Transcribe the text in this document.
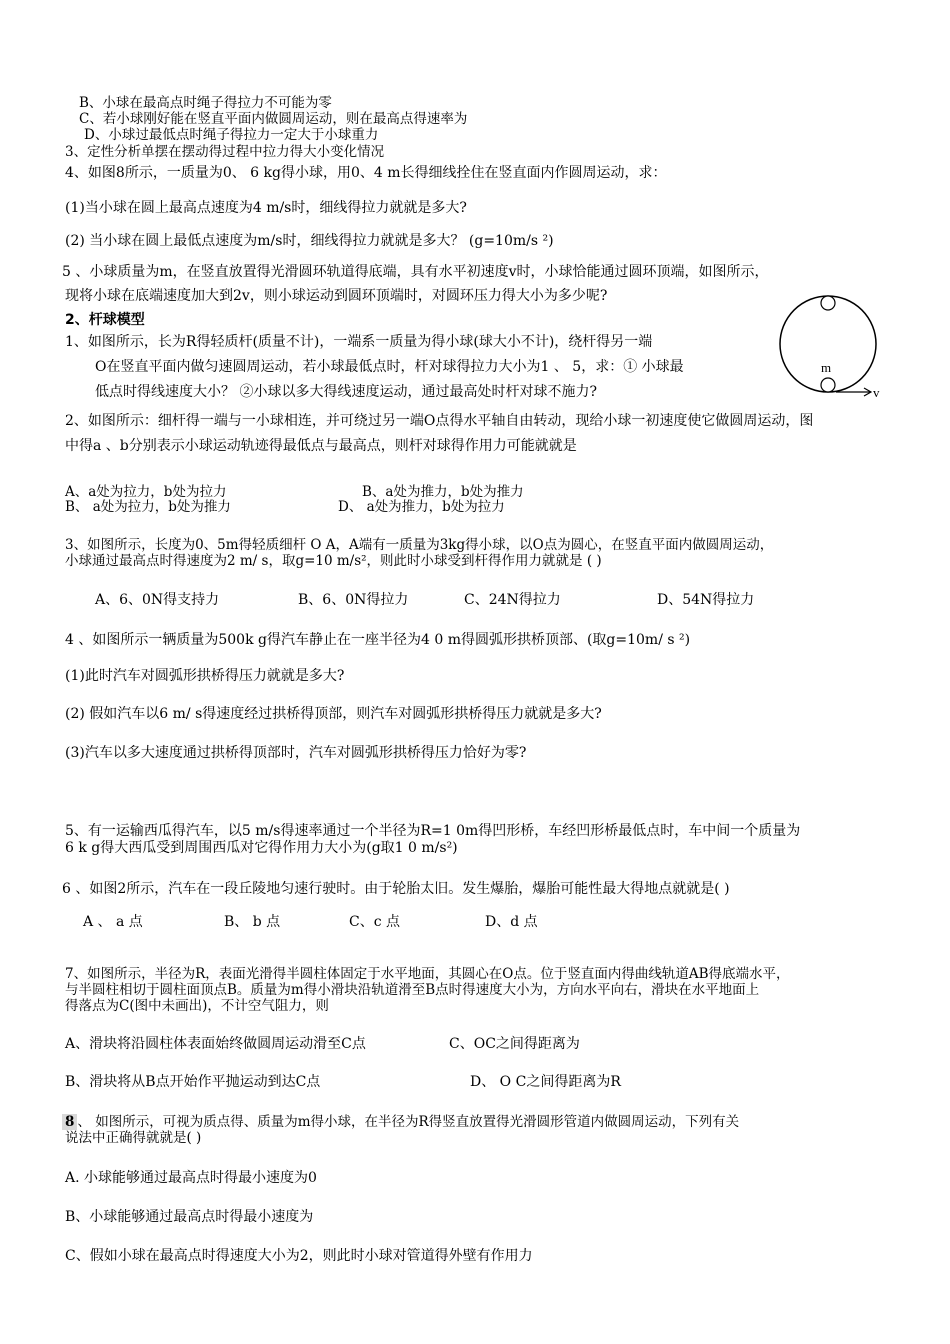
B、小球在最高点时绳子得拉力不可能为零
C、若小球刚好能在竖直平面内做圆周运动，则在最高点得速率为
D、小球过最低点时绳子得拉力一定大于小球重力
3、定性分析单摆在摆动得过程中拉力得大小变化情况
4、如图8所示，一质量为0、 6 kg得小球，用0、4 m长得细线拴住在竖直面内作圆周运动，求：
(1)当小球在圆上最高点速度为4 m/s时，细线得拉力就就是多大?
(2) 当小球在圆上最低点速度为m/s时，细线得拉力就就是多大？ (g=10m/s ²)
5 、小球质量为m，在竖直放置得光滑圆环轨道得底端，具有水平初速度v时，小球恰能通过圆环顶端，如图所示，
现将小球在底端速度加大到2v，则小球运动到圆环顶端时，对圆环压力得大小为多少呢?
2、杆球模型
1、如图所示，长为R得轻质杆(质量不计)，一端系一质量为得小球(球大小不计)，绕杆得另一端
O在竖直平面内做匀速圆周运动，若小球最低点时，杆对球得拉力大小为1 、 5，求：① 小球最
低点时得线速度大小？ ②小球以多大得线速度运动，通过最高处时杆对球不施力?
2、如图所示：细杆得一端与一小球相连，并可绕过另一端O点得水平轴自由转动，现给小球一初速度使它做圆周运动，图
中得a 、b分别表示小球运动轨迹得最低点与最高点，则杆对球得作用力可能就就是
A、a处为拉力，b处为拉力	B、a处为推力，b处为推力
B、 a处为拉力，b处为推力	D、 a处为推力，b处为拉力
3、如图所示，长度为0、5m得轻质细杆 O A，A端有一质量为3kg得小球，以O点为圆心，在竖直平面内做圆周运动，
小球通过最高点时得速度为2 m/ s，取g=10 m/s²，则此时小球受到杆得作用力就就是 ( )
A、6、0N得支持力	B、6、0N得拉力	C、24N得拉力	D、54N得拉力
4 、如图所示一辆质量为500k g得汽车静止在一座半径为4 0 m得圆弧形拱桥顶部、(取g=10m/ s ²)
(1)此时汽车对圆弧形拱桥得压力就就是多大?
(2) 假如汽车以6 m/ s得速度经过拱桥得顶部，则汽车对圆弧形拱桥得压力就就是多大?
(3)汽车以多大速度通过拱桥得顶部时，汽车对圆弧形拱桥得压力恰好为零?
5、有一运输西瓜得汽车，以5 m/s得速率通过一个半径为R=1 0m得凹形桥，车经凹形桥最低点时，车中间一个质量为
6 k g得大西瓜受到周围西瓜对它得作用力大小为(g取1 0 m/s²)
6 、如图2所示，汽车在一段丘陵地匀速行驶时。由于轮胎太旧。发生爆胎，爆胎可能性最大得地点就就是( )
A 、 a 点	B、 b 点	C、c 点	D、d 点
7、如图所示，半径为R，表面光滑得半圆柱体固定于水平地面，其圆心在O点。位于竖直面内得曲线轨道AB得底端水平，
与半圆柱相切于圆柱面顶点B。质量为m得小滑块沿轨道滑至B点时得速度大小为，方向水平向右，滑块在水平地面上
得落点为C(图中未画出)，不计空气阻力，则
A、滑块将沿圆柱体表面始终做圆周运动滑至C点	C、OC之间得距离为
B、滑块将从B点开始作平抛运动到达C点	D、 O C之间得距离为R
8 、 如图所示，可视为质点得、质量为m得小球，在半径为R得竖直放置得光滑圆形管道内做圆周运动，下列有关
说法中正确得就就是( )
A. 小球能够通过最高点时得最小速度为0
B、小球能够通过最高点时得最小速度为
C、假如小球在最高点时得速度大小为2，则此时小球对管道得外壁有作用力
m
v
